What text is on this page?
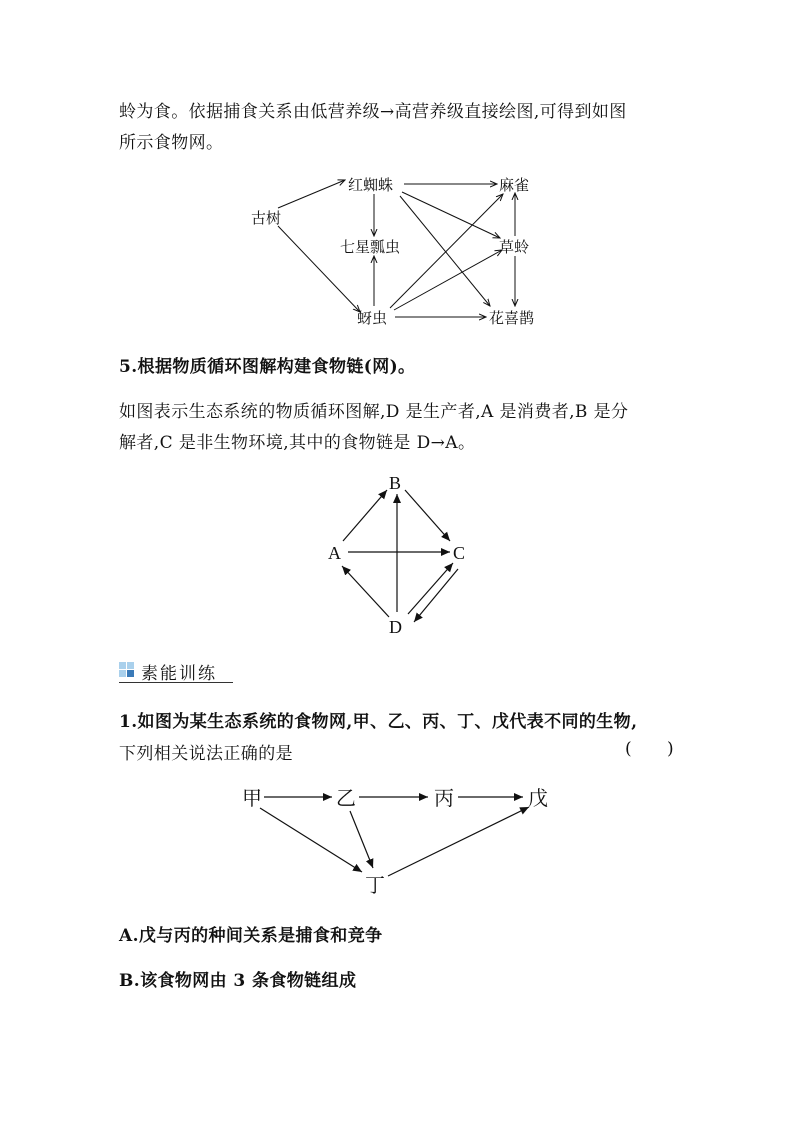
蛉为食。依据捕食关系由低营养级→高营养级直接绘图,可得到如图
所示食物网。
古树
红蜘蛛	麻雀
七星瓢虫	草蛉
蚜虫	花喜鹊
5.根据物质循环图解构建食物链(网)。
如图表示生态系统的物质循环图解,D 是生产者,A 是消费者,B 是分
解者,C 是非生物环境,其中的食物链是 D→A。
B
A	C
D
素能训练
1.如图为某生态系统的食物网,甲、乙、丙、丁、戊代表不同的生物,
下列相关说法正确的是	( )
甲	乙	丙	戊
丁
A.戊与丙的种间关系是捕食和竞争
B.该食物网由 3 条食物链组成
